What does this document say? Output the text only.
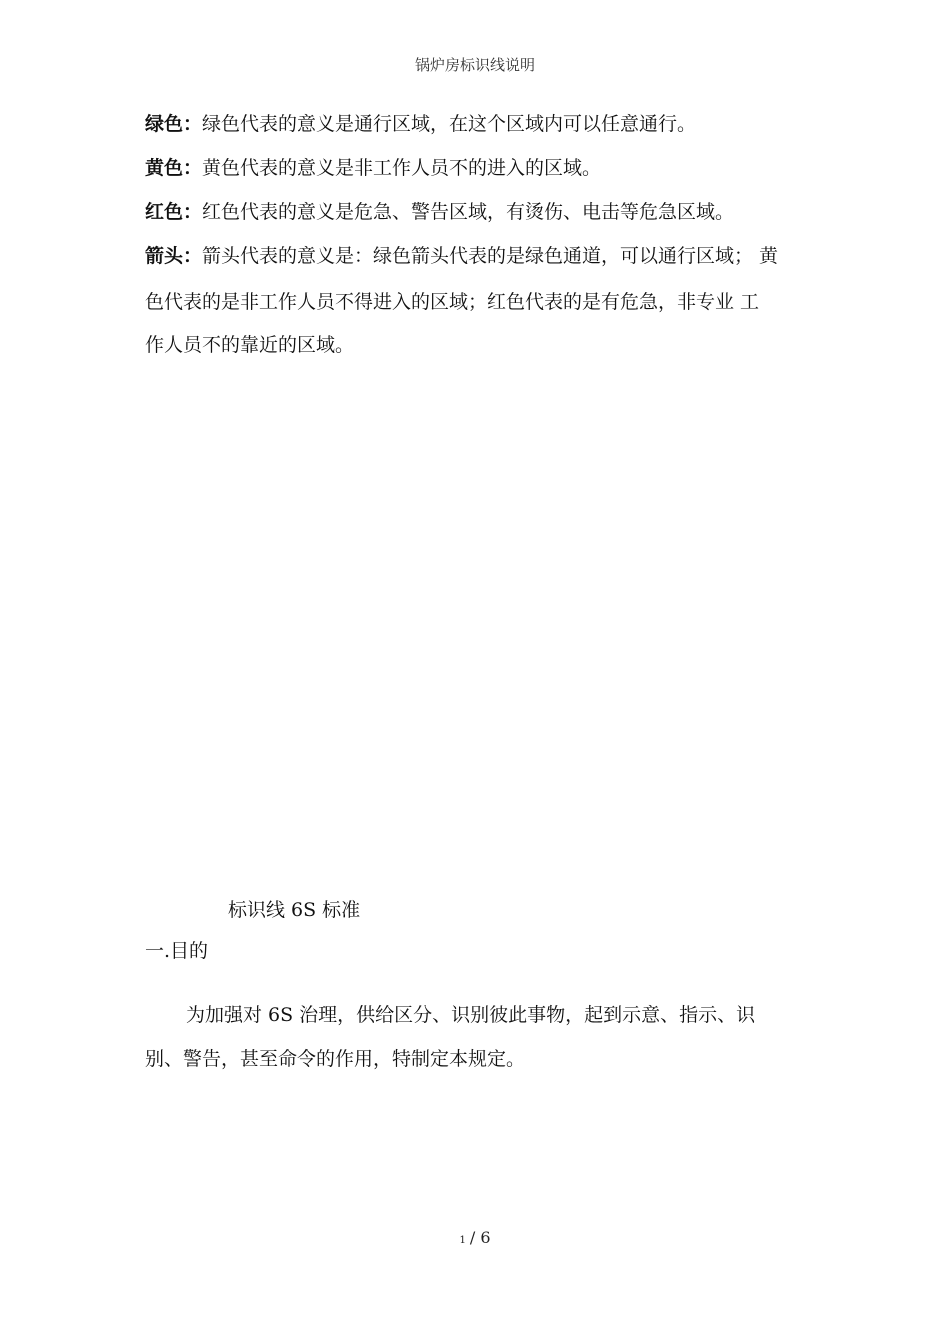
锅炉房标识线说明
绿色：绿色代表的意义是通行区域，在这个区域内可以任意通行。
黄色：黄色代表的意义是非工作人员不的进入的区域。
红色：红色代表的意义是危急、警告区域，有烫伤、电击等危急区域。
箭头：箭头代表的意义是：绿色箭头代表的是绿色通道，可以通行区域； 黄
色代表的是非工作人员不得进入的区域；红色代表的是有危急，非专业 工
作人员不的靠近的区域。
标识线 6S 标准
一.目的
为加强对 6S 治理，供给区分、识别彼此事物，起到示意、指示、识
别、警告，甚至命令的作用，特制定本规定。
1 / 6
